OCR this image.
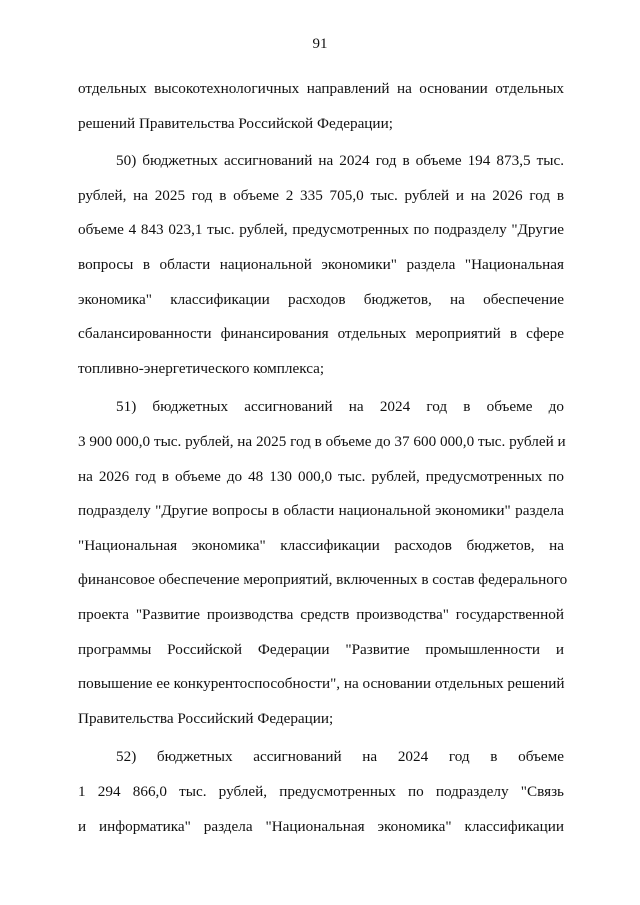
91
отдельных высокотехнологичных направлений на основании отдельных
решений Правительства Российской Федерации;
50) бюджетных ассигнований на 2024 год в объеме 194 873,5 тыс.
рублей, на 2025 год в объеме 2 335 705,0 тыс. рублей и на 2026 год в
объеме 4 843 023,1 тыс. рублей, предусмотренных по подразделу "Другие
вопросы в области национальной экономики" раздела "Национальная
экономика" классификации расходов бюджетов, на обеспечение
сбалансированности финансирования отдельных мероприятий в сфере
топливно-энергетического комплекса;
51) бюджетных ассигнований на 2024 год в объеме до
3 900 000,0 тыс. рублей, на 2025 год в объеме до 37 600 000,0 тыс. рублей и
на 2026 год в объеме до 48 130 000,0 тыс. рублей, предусмотренных по
подразделу "Другие вопросы в области национальной экономики" раздела
"Национальная экономика" классификации расходов бюджетов, на
финансовое обеспечение мероприятий, включенных в состав федерального
проекта "Развитие производства средств производства" государственной
программы Российской Федерации "Развитие промышленности и
повышение ее конкурентоспособности", на основании отдельных решений
Правительства Российский Федерации;
52) бюджетных ассигнований на 2024 год в объеме
1 294 866,0 тыс. рублей, предусмотренных по подразделу "Связь
и информатика" раздела "Национальная экономика" классификации
